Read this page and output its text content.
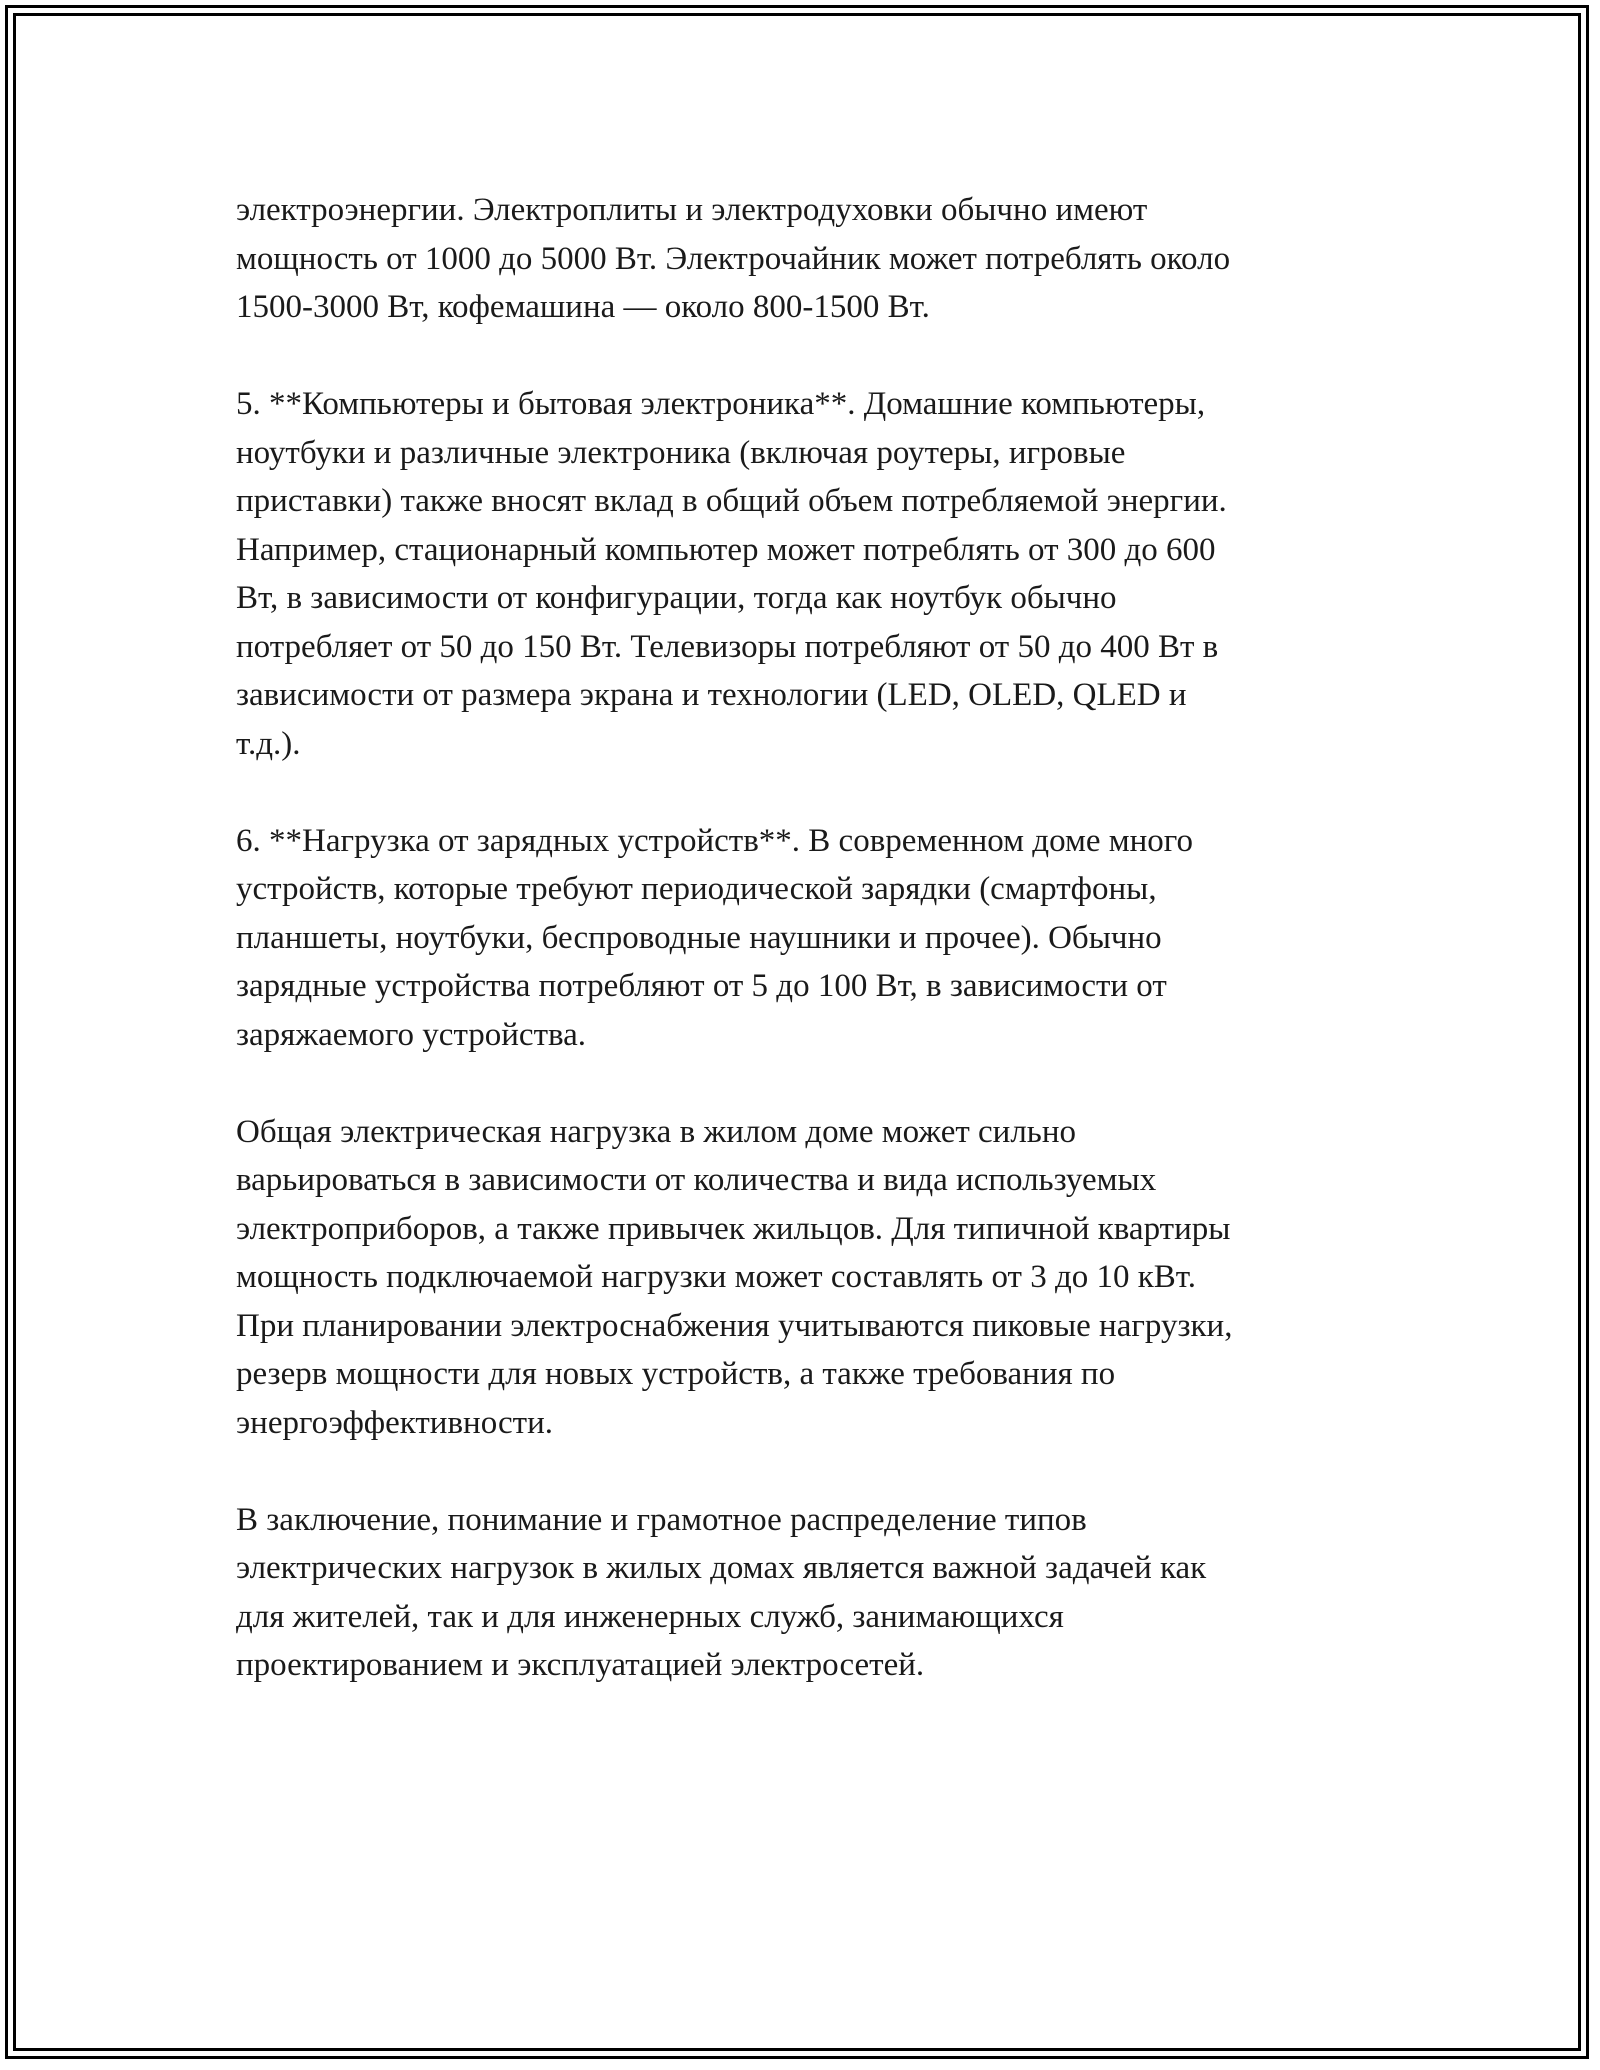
электроэнергии. Электроплиты и электродуховки обычно имеют
мощность от 1000 до 5000 Вт. Электрочайник может потреблять около
1500-3000 Вт, кофемашина — около 800-1500 Вт.

5. **Компьютеры и бытовая электроника**. Домашние компьютеры,
ноутбуки и различные электроника (включая роутеры, игровые
приставки) также вносят вклад в общий объем потребляемой энергии.
Например, стационарный компьютер может потреблять от 300 до 600
Вт, в зависимости от конфигурации, тогда как ноутбук обычно
потребляет от 50 до 150 Вт. Телевизоры потребляют от 50 до 400 Вт в
зависимости от размера экрана и технологии (LED, OLED, QLED и
т.д.).

6. **Нагрузка от зарядных устройств**. В современном доме много
устройств, которые требуют периодической зарядки (смартфоны,
планшеты, ноутбуки, беспроводные наушники и прочее). Обычно
зарядные устройства потребляют от 5 до 100 Вт, в зависимости от
заряжаемого устройства.

Общая электрическая нагрузка в жилом доме может сильно
варьироваться в зависимости от количества и вида используемых
электроприборов, а также привычек жильцов. Для типичной квартиры
мощность подключаемой нагрузки может составлять от 3 до 10 кВт.
При планировании электроснабжения учитываются пиковые нагрузки,
резерв мощности для новых устройств, а также требования по
энергоэффективности.

В заключение, понимание и грамотное распределение типов
электрических нагрузок в жилых домах является важной задачей как
для жителей, так и для инженерных служб, занимающихся
проектированием и эксплуатацией электросетей.
